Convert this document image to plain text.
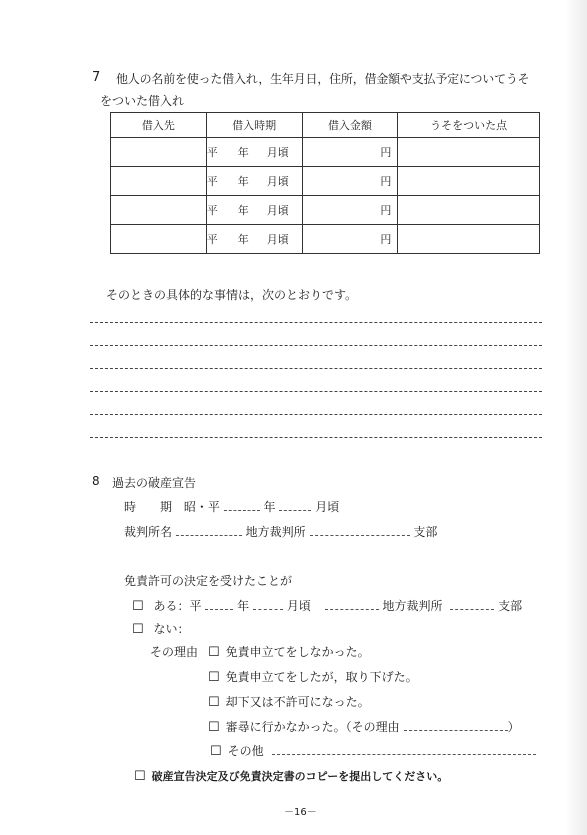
7 他人の名前を使った借入れ，生年月日，住所，借金額や支払予定についてうそ
をついた借入れ
借入先	借入時期	借入金額	うそをついた点
	平 年 月頃	円	
	平 年 月頃	円	
	平 年 月頃	円	
	平 年 月頃	円	
そのときの具体的な事情は，次のとおりです。
8 過去の破産宣告
時　　期 昭・平	年	月頃
裁判所名	地方裁判所	支部
免責許可の決定を受けたことが
☐ ある：平	年	月頃	地方裁判所	支部
☐ ない：
その理由 ☐ 免責申立てをしなかった。
☐ 免責申立てをしたが，取り下げた。
☐ 却下又は不許可になった。
☐ 審尋に行かなかった。（その理由	）
☐ その他
☐ 破産宣告決定及び免責決定書のコピーを提出してください。
－16－
